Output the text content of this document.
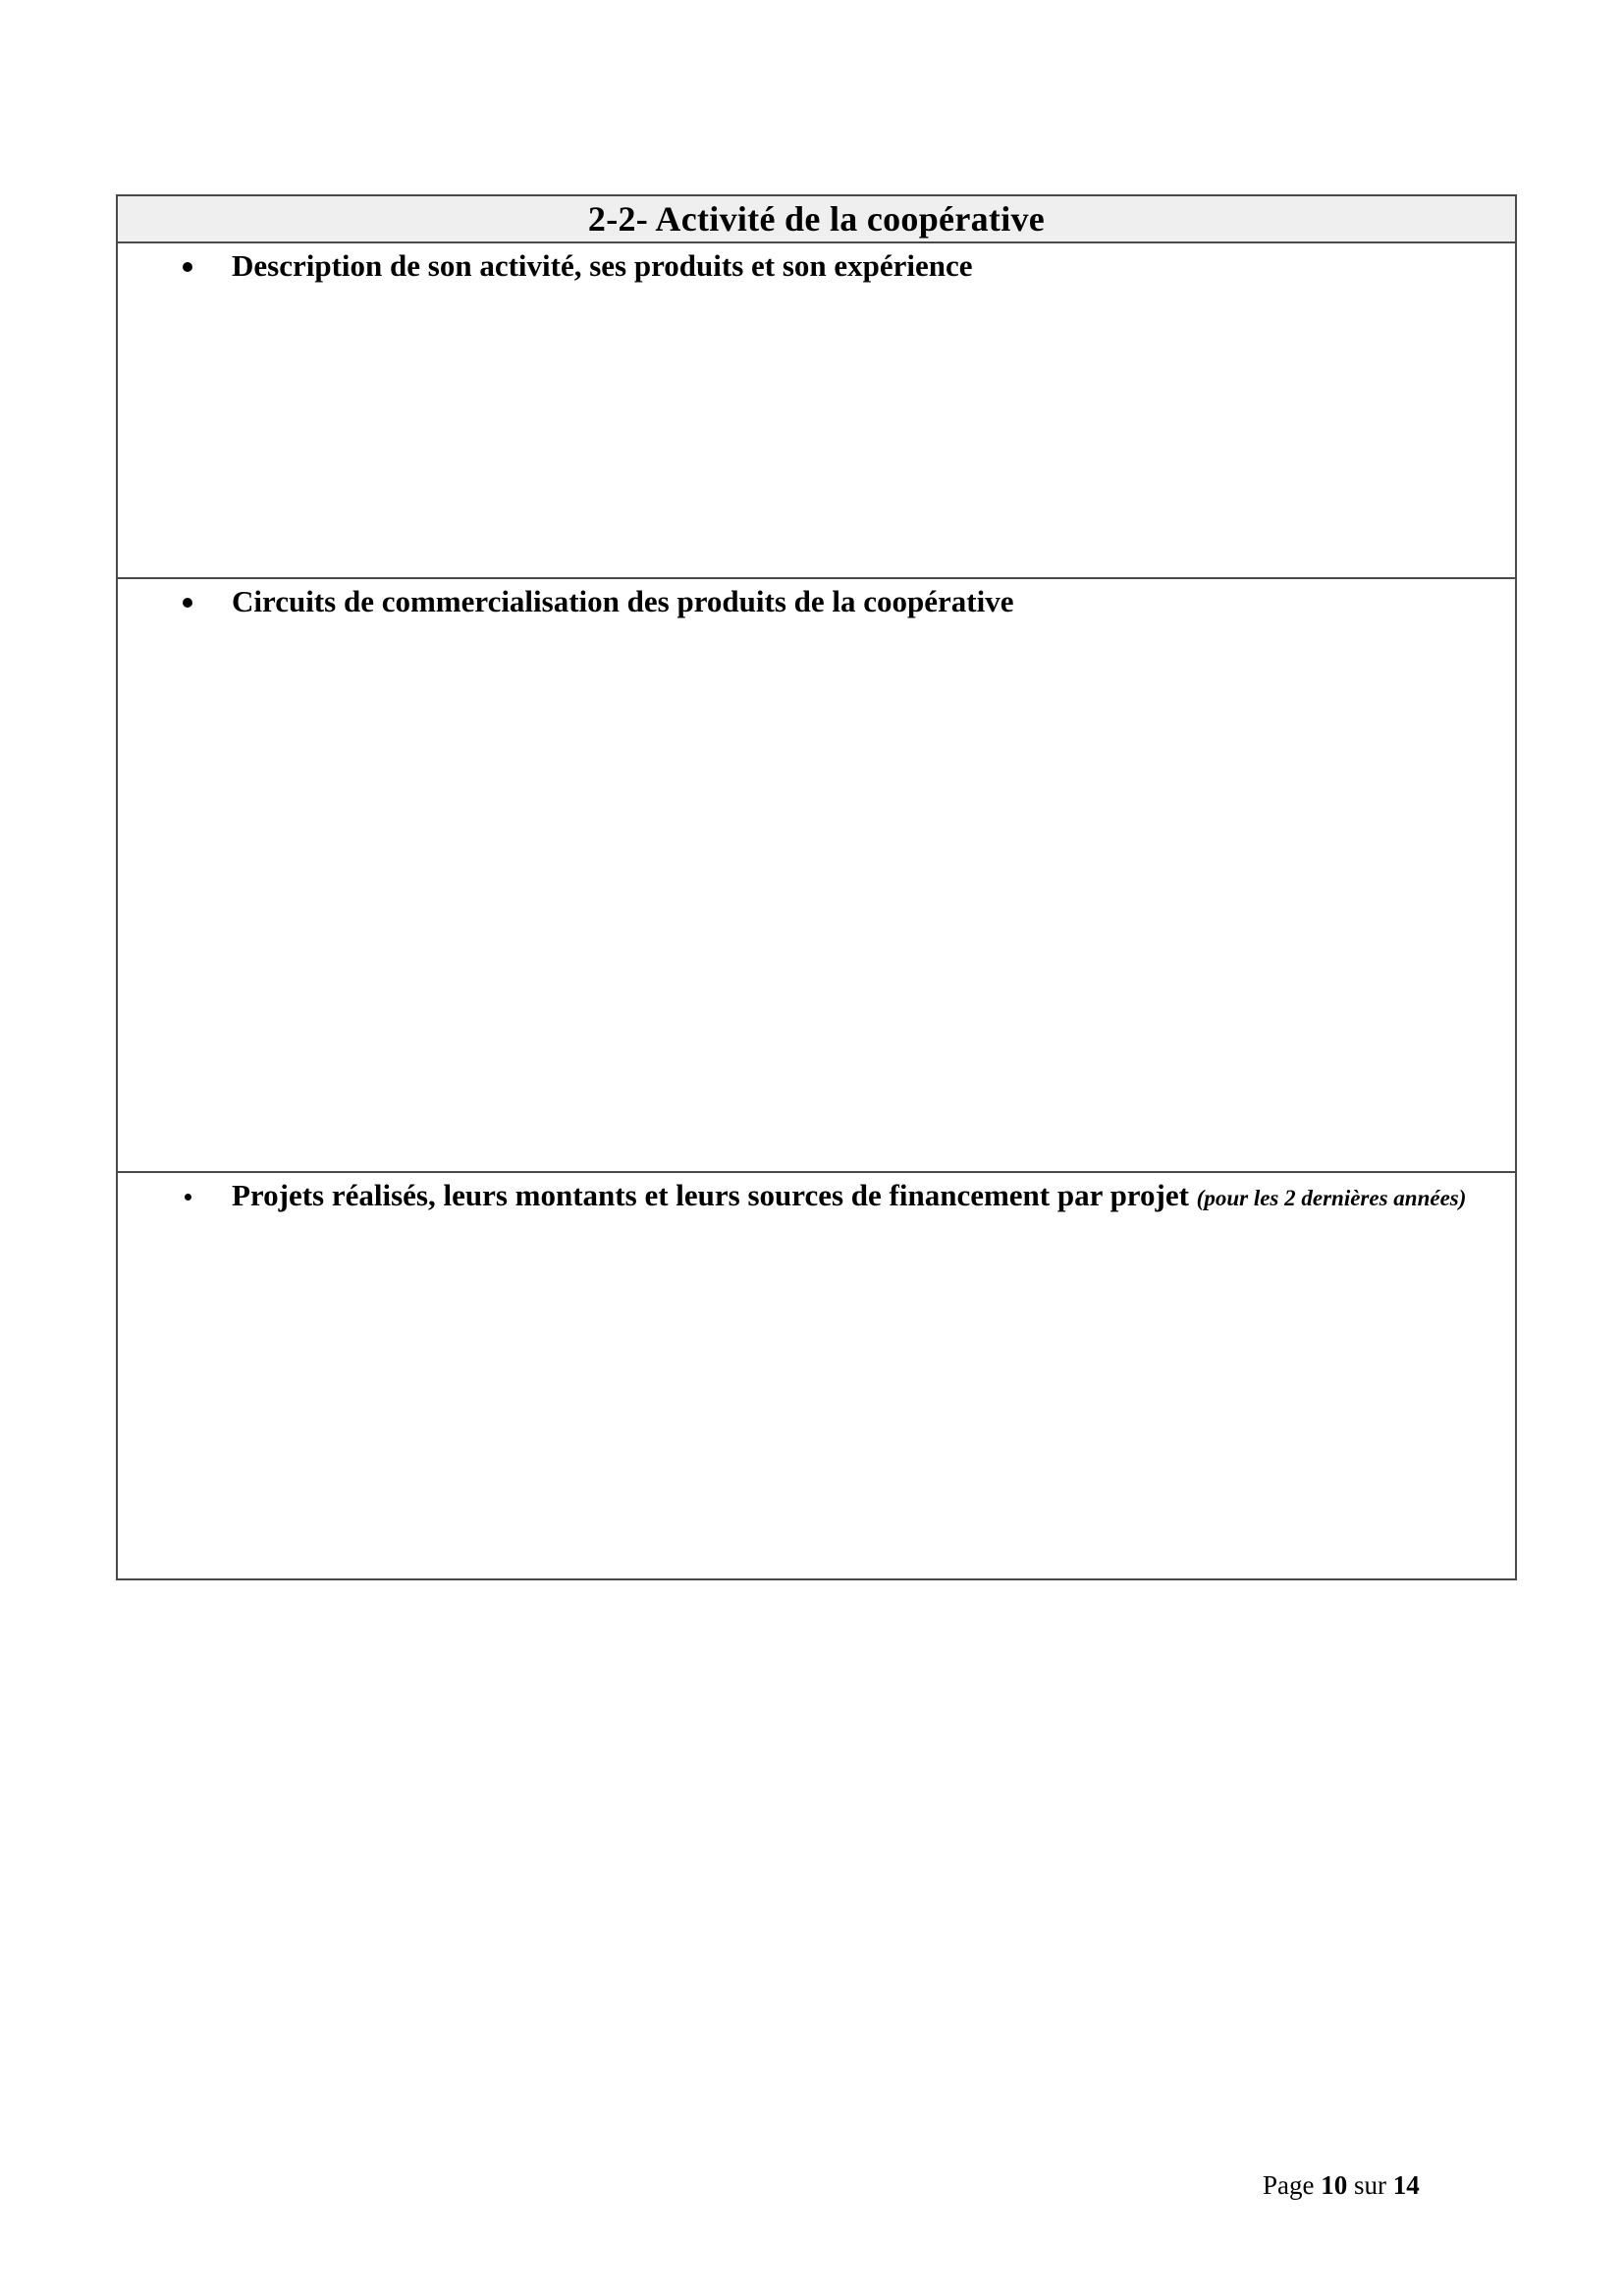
2-2- Activité de la coopérative

Description de son activité, ses produits et son expérience

Circuits de commercialisation des produits de la coopérative

Projets réalisés, leurs montants et leurs sources de financement par projet (pour les 2 dernières années)
Page 10 sur 14
